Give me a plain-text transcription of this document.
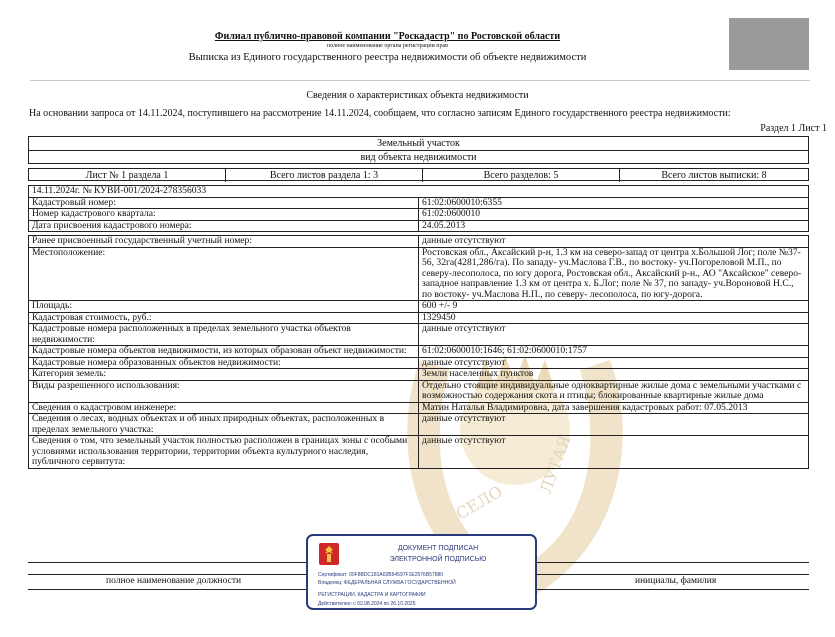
Филиал публично-правовой компании "Роскадастр" по Ростовской области
полное наименование органа регистрации прав
Выписка из Единого государственного реестра недвижимости об объекте недвижимости
Сведения о характеристиках объекта недвижимости
На основании запроса от 14.11.2024, поступившего на рассмотрение 14.11.2024, сообщаем, что согласно записям Единого государственного реестра недвижимости:
Раздел 1 Лист 1
СЕЛО
ЛУТАЯ
Земельный участок
вид объекта недвижимости
Лист № 1 раздела 1	Всего листов раздела 1: 3	Всего разделов: 5	Всего листов выписки: 8
14.11.2024г. № КУВИ-001/2024-278356033	
Кадастровый номер:	61:02:0600010:6355
Номер кадастрового квартала:	61:02:0600010
Дата присвоения кадастрового номера:	24.05.2013

Ранее присвоенный государственный учетный номер:	данные отсутствуют
Местоположение:	Ростовская обл., Аксайский р-н, 1.3 км на северо-запад от центра х.Большой Лог; поле №37-56, 32га(4281,286/га). По западу- уч.Маслова Г.В., по востоку- уч.Погореловой М.П., по северу-лесополоса, по югу дорога, Ростовская обл., Аксайский р-н., АО "Аксайское" северо-западное направление 1.3 км от центра х. Б.Лог; поле № 37, по западу- уч.Вороновой Н.С., по востоку- уч.Маслова Н.П., по северу- лесополоса, по югу-дорога.
Площадь:	600 +/- 9
Кадастровая стоимость, руб.:	1329450
Кадастровые номера расположенных в пределах земельного участка объектов недвижимости:	данные отсутствуют
Кадастровые номера объектов недвижимости, из которых образован объект недвижимости:	61:02:0600010:1646; 61:02:0600010:1757
Кадастровые номера образованных объектов недвижимости:	данные отсутствуют
Категория земель:	Земли населенных пунктов
Виды разрешенного использования:	Отдельно стоящие индивидуальные одноквартирные жилые дома с земельными участками с возможностью содержания скота и птицы; блокированные квартирные жилые дома
Сведения о кадастровом инженере:	Матин Наталья Владимировна, дата завершения кадастровых работ: 07.05.2013
Сведения о лесах, водных объектах и об иных природных объектах, расположенных в пределах земельного участка:	данные отсутствуют
Сведения о том, что земельный участок полностью расположен в границах зоны с особыми условиями использования территории, территории объекта культурного наследия, публичного сервитута:	данные отсутствуют
полное наименование должности	инициалы, фамилия
ДОКУМЕНТ ПОДПИСАН
ЭЛЕКТРОННОЙ ПОДПИСЬЮ
Сертификат: 00F8BDC181A02B64597F1E2576B57880
Владелец: ФЕДЕРАЛЬНАЯ СЛУЖБА ГОСУДАРСТВЕННОЙ
РЕГИСТРАЦИИ, КАДАСТРА И КАРТОГРАФИИ
Действителен: с 02.08.2024 по 26.10.2025
